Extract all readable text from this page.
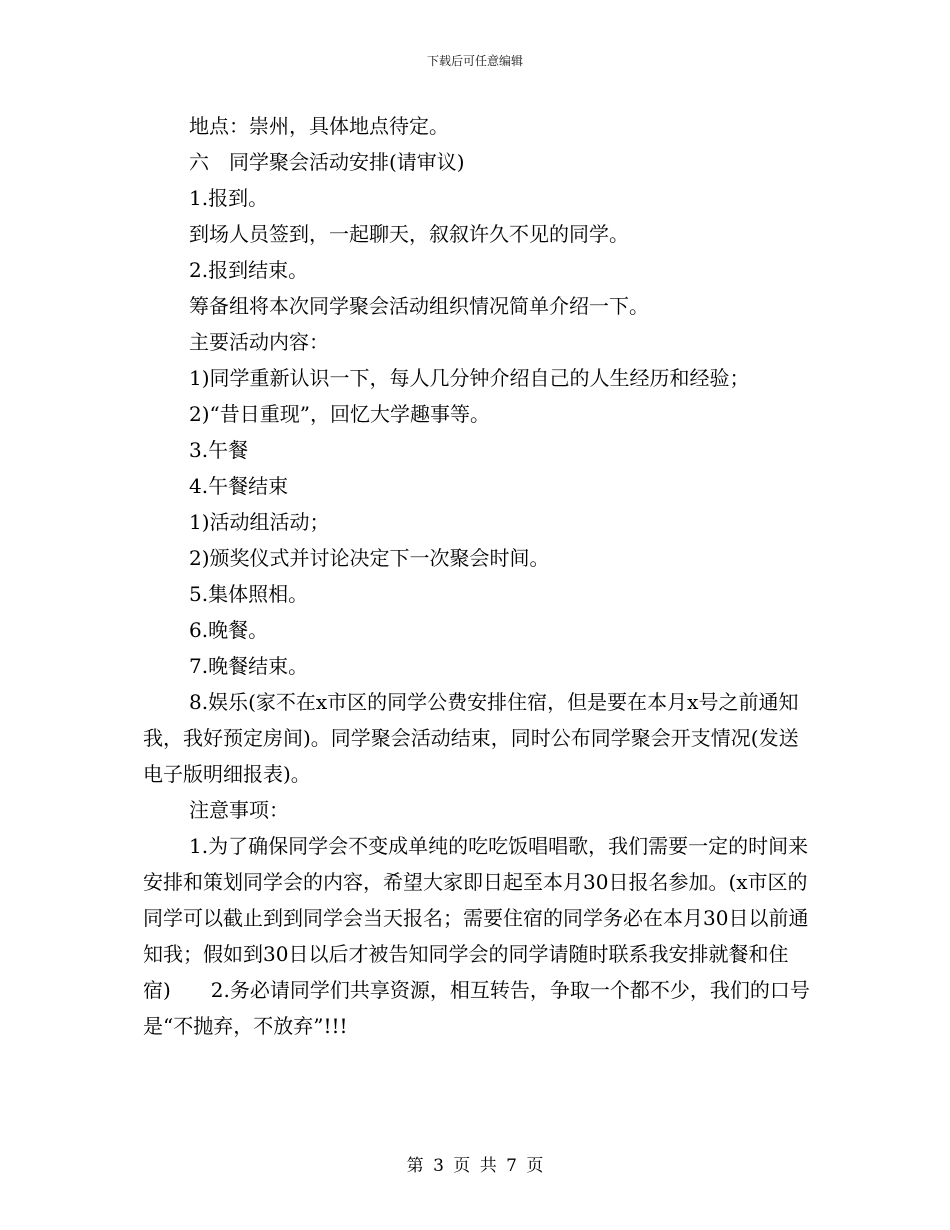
下载后可任意编辑

地点：崇州，具体地点待定。

六　同学聚会活动安排(请审议)

1.报到。

到场人员签到，一起聊天，叙叙许久不见的同学。

2.报到结束。

筹备组将本次同学聚会活动组织情况简单介绍一下。

主要活动内容：

1)同学重新认识一下，每人几分钟介绍自己的人生经历和经验；

2)“昔日重现”，回忆大学趣事等。

3.午餐

4.午餐结束

1)活动组活动；

2)颁奖仪式并讨论决定下一次聚会时间。

5.集体照相。

6.晚餐。

7.晚餐结束。

8.娱乐(家不在x市区的同学公费安排住宿，但是要在本月x号之前通知我，我好预定房间)。同学聚会活动结束，同时公布同学聚会开支情况(发送电子版明细报表)。

注意事项：

1.为了确保同学会不变成单纯的吃吃饭唱唱歌，我们需要一定的时间来安排和策划同学会的内容，希望大家即日起至本月30日报名参加。(x市区的同学可以截止到到同学会当天报名；需要住宿的同学务必在本月30日以前通知我；假如到30日以后才被告知同学会的同学请随时联系我安排就餐和住宿)　　2.务必请同学们共享资源，相互转告，争取一个都不少，我们的口号是“不抛弃，不放弃”!!!

第 3 页 共 7 页
